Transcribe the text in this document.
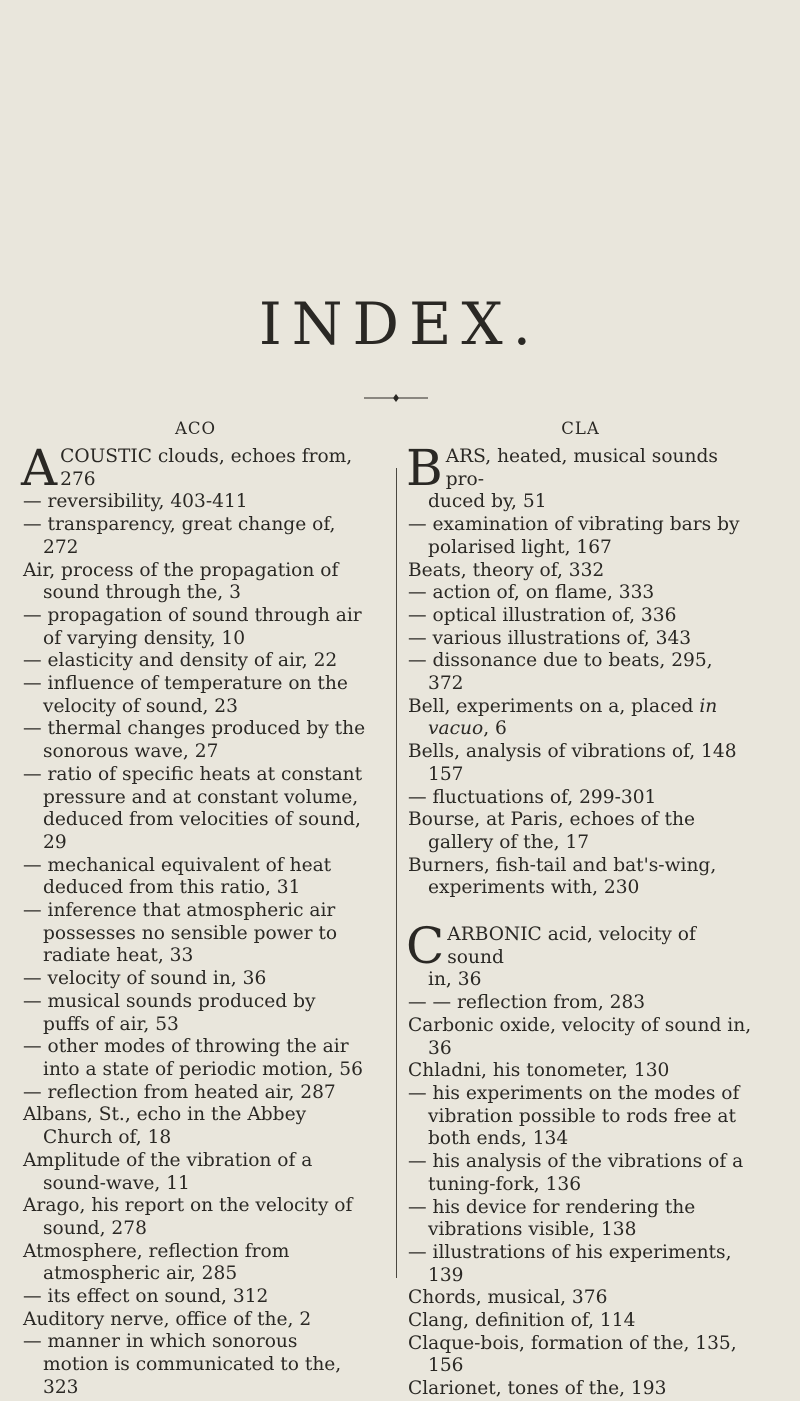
INDEX.
ACO
A COUSTIC clouds, echoes from,
276

— reversibility, 403-411

— transparency, great change of, 272

Air, process of the propagation of sound through the, 3

— propagation of sound through air of varying density, 10

— elasticity and density of air, 22

— influence of temperature on the velocity of sound, 23

— thermal changes produced by the sonorous wave, 27

— ratio of specific heats at constant pressure and at constant volume, deduced from velocities of sound, 29

— mechanical equivalent of heat deduced from this ratio, 31

— inference that atmospheric air possesses no sensible power to radiate heat, 33

— velocity of sound in, 36

— musical sounds produced by puffs of air, 53

— other modes of throwing the air into a state of periodic motion, 56

— reflection from heated air, 287

Albans, St., echo in the Abbey Church of, 18

Amplitude of the vibration of a sound-wave, 11

Arago, his report on the velocity of sound, 278

Atmosphere, reflection from atmospheric air, 285

— its effect on sound, 312

Auditory nerve, office of the, 2

— manner in which sonorous motion is communicated to the, 323

CLA
B ARS, heated, musical sounds pro-
duced by, 51

— examination of vibrating bars by polarised light, 167

Beats, theory of, 332

— action of, on flame, 333

— optical illustration of, 336

— various illustrations of, 343

— dissonance due to beats, 295, 372

Bell, experiments on a, placed in vacuo, 6

Bells, analysis of vibrations of, 148 157

— fluctuations of, 299-301

Bourse, at Paris, echoes of the gallery of the, 17

Burners, fish-tail and bat's-wing, experiments with, 230

C ARBONIC acid, velocity of sound
in, 36

— — reflection from, 283

Carbonic oxide, velocity of sound in, 36

Chladni, his tonometer, 130

— his experiments on the modes of vibration possible to rods free at both ends, 134

— his analysis of the vibrations of a tuning-fork, 136

— his device for rendering the vibrations visible, 138

— illustrations of his experiments, 139

Chords, musical, 376

Clang, definition of, 114

Claque-bois, formation of the, 135, 156

Clarionet, tones of the, 193
